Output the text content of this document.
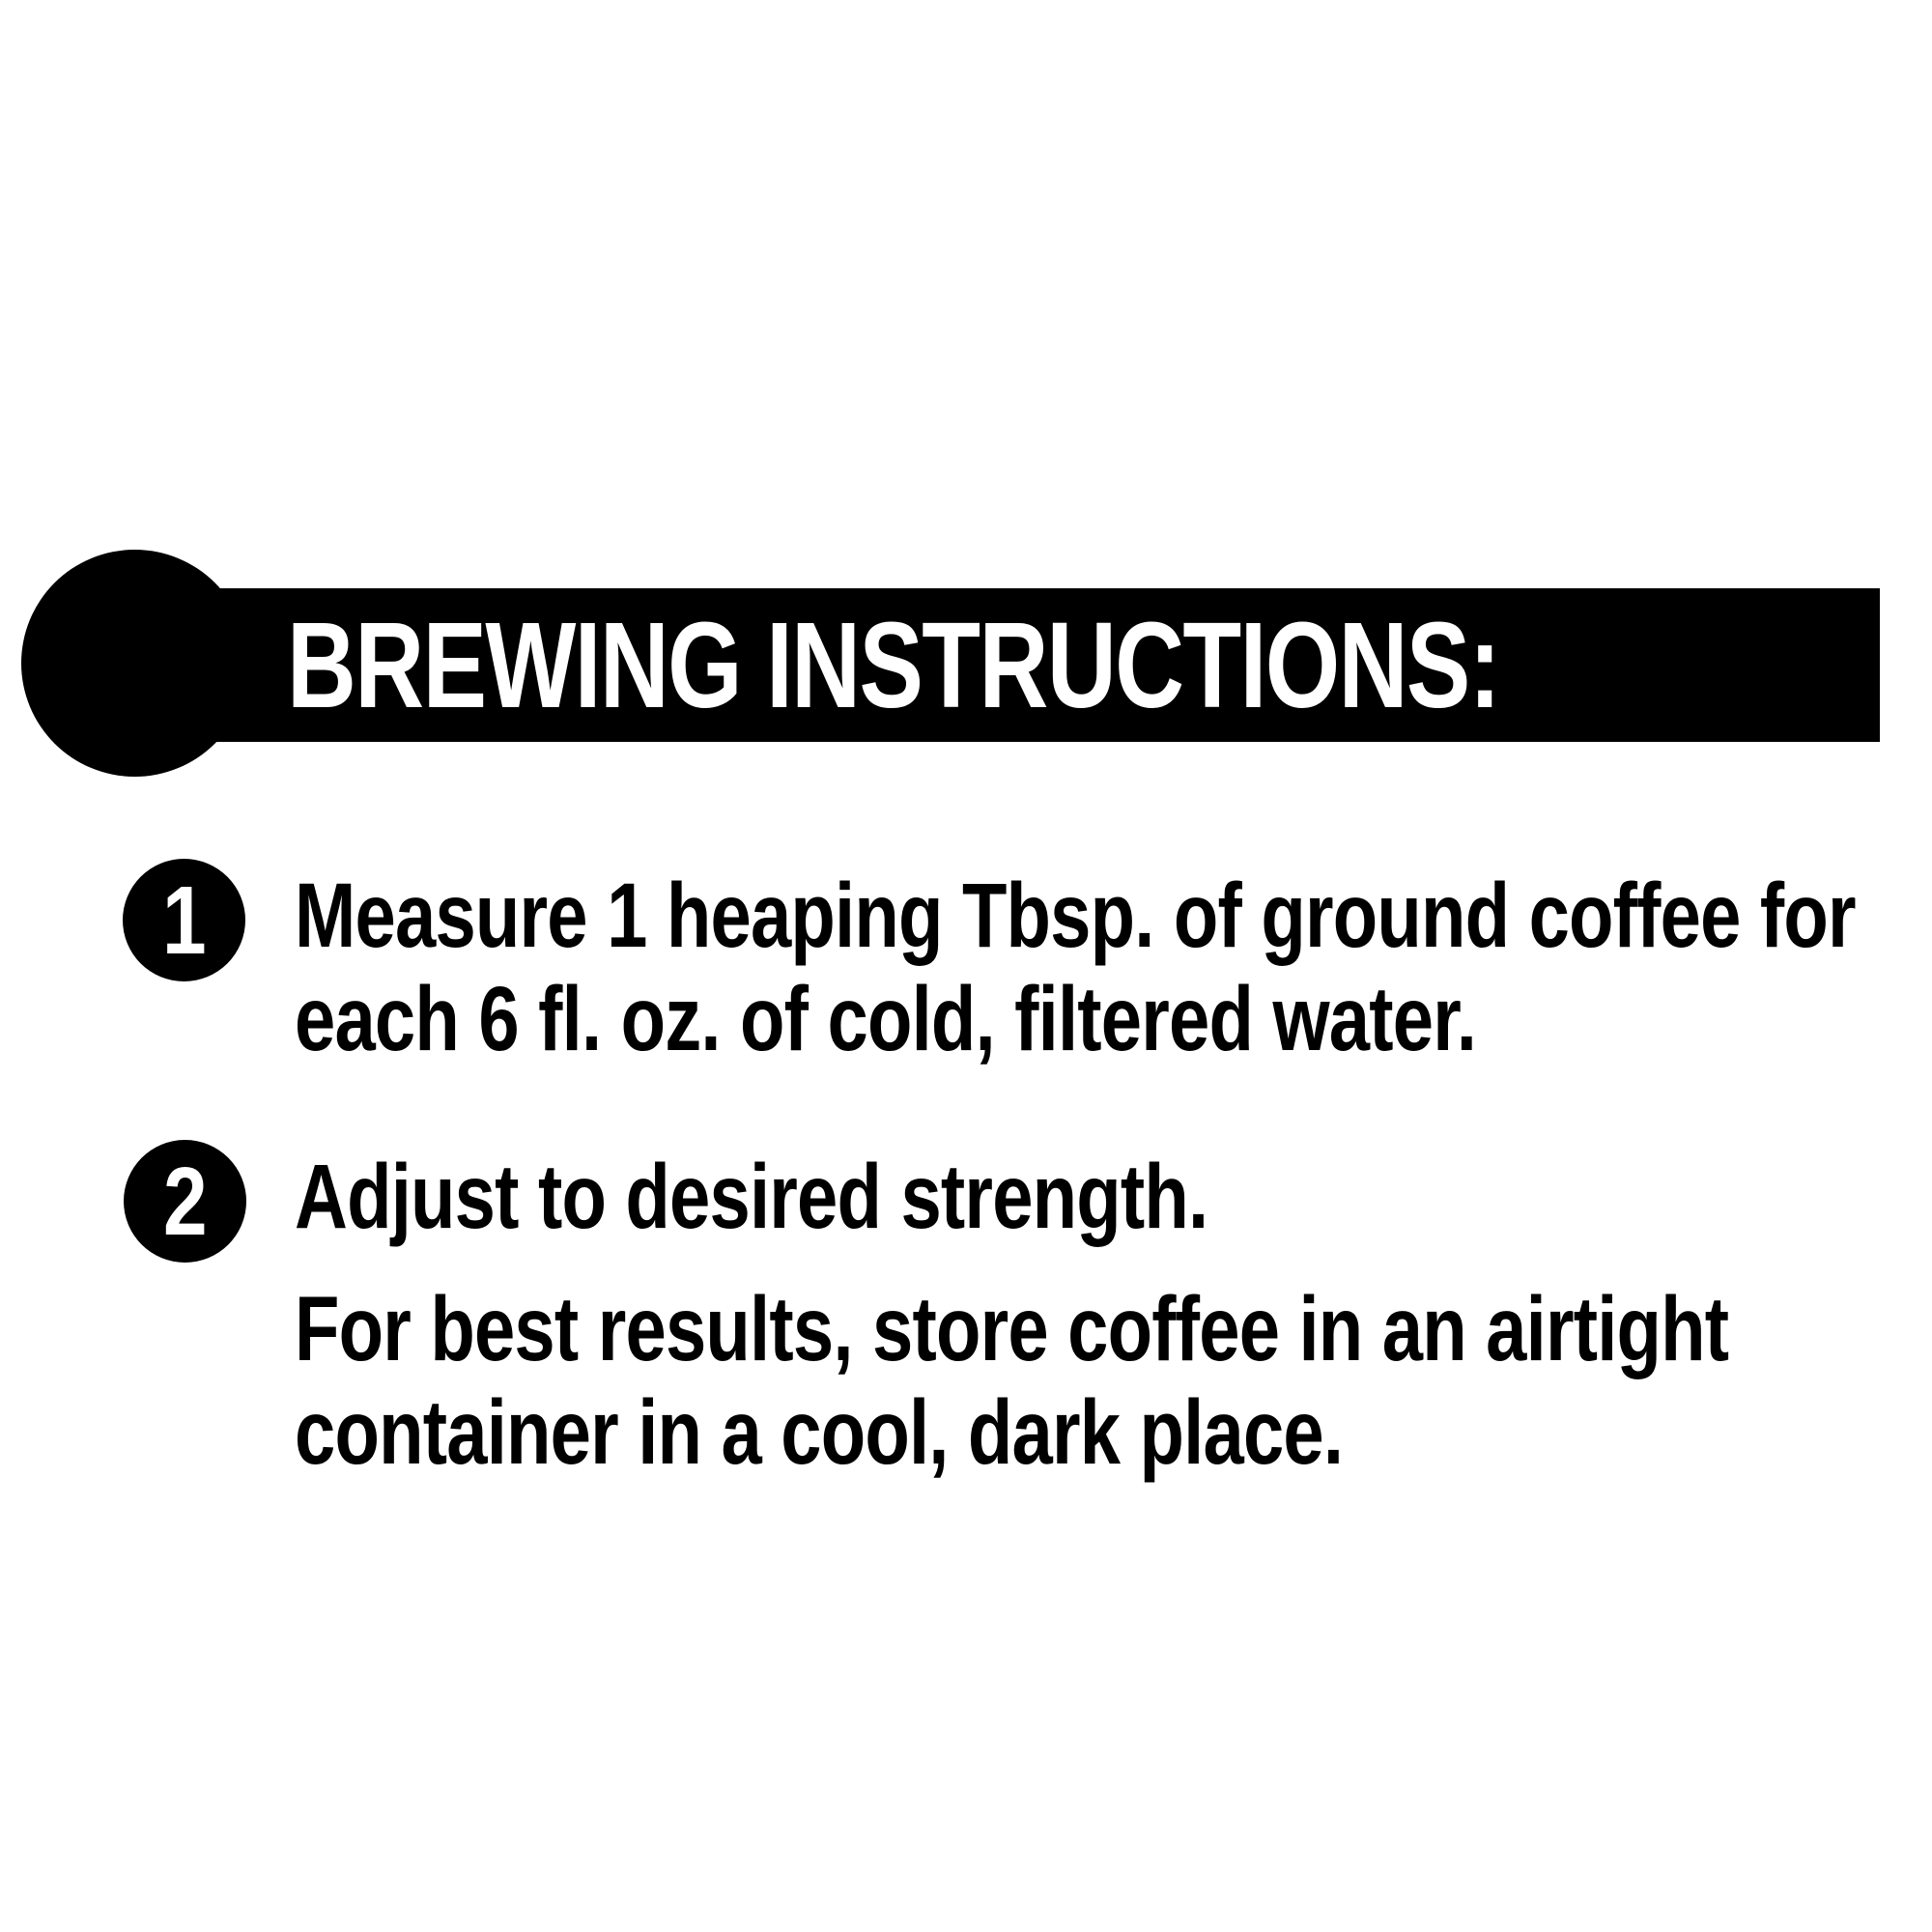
BREWING INSTRUCTIONS:
1 Measure 1 heaping Tbsp. of ground coffee for
each 6 fl. oz. of cold, filtered water.
2 Adjust to desired strength.
For best results, store coffee in an airtight
container in a cool, dark place.
